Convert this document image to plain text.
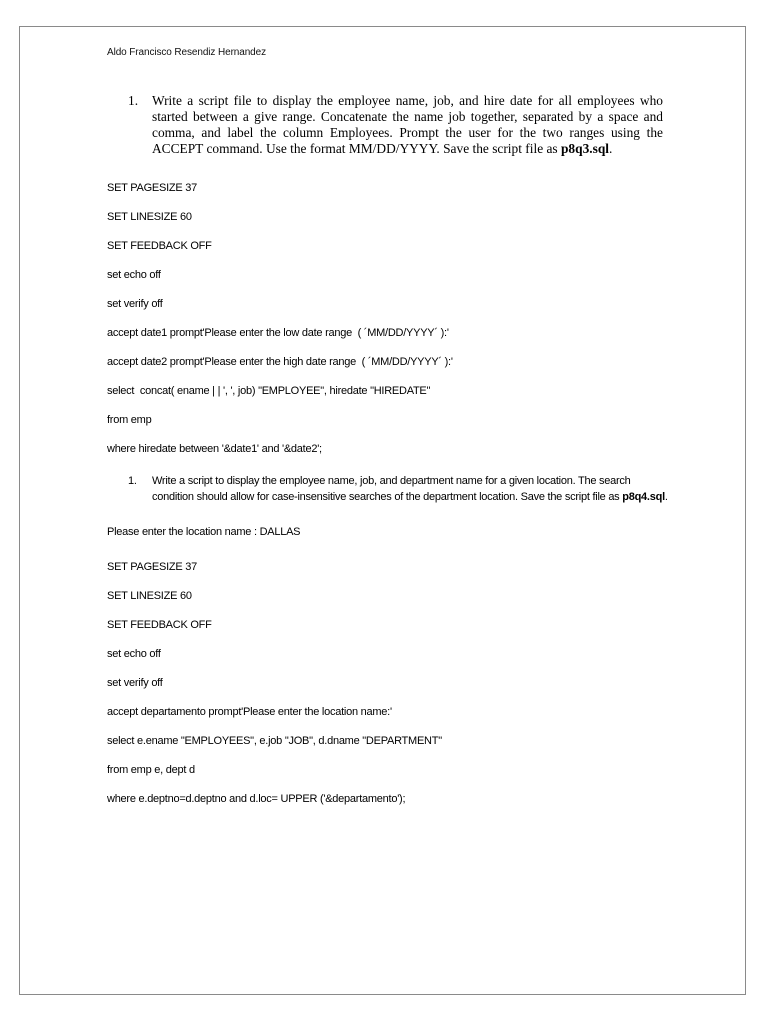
Aldo Francisco Resendiz Hernandez
1. Write a script file to display the employee name, job, and hire date for all employees who started between a give range. Concatenate the name job together, separated by a space and comma, and label the column Employees. Prompt the user for the two ranges using the ACCEPT command. Use the format MM/DD/YYYY. Save the script file as p8q3.sql.
SET PAGESIZE 37
SET LINESIZE 60
SET FEEDBACK OFF
set echo off
set verify off
accept date1 prompt'Please enter the low date range  ( ´MM/DD/YYYY´ ):'
accept date2 prompt'Please enter the high date range  ( ´MM/DD/YYYY´ ):'
select  concat( ename | | ', ', job) "EMPLOYEE", hiredate "HIREDATE"
from emp
where hiredate between '&date1' and '&date2';
1. Write a script to display the employee name, job, and department name for a given location. The search condition should allow for case-insensitive searches of the department location. Save the script file as p8q4.sql.
Please enter the location name : DALLAS
SET PAGESIZE 37
SET LINESIZE 60
SET FEEDBACK OFF
set echo off
set verify off
accept departamento prompt'Please enter the location name:'
select e.ename "EMPLOYEES", e.job "JOB", d.dname "DEPARTMENT"
from emp e, dept d
where e.deptno=d.deptno and d.loc= UPPER ('&departamento');
